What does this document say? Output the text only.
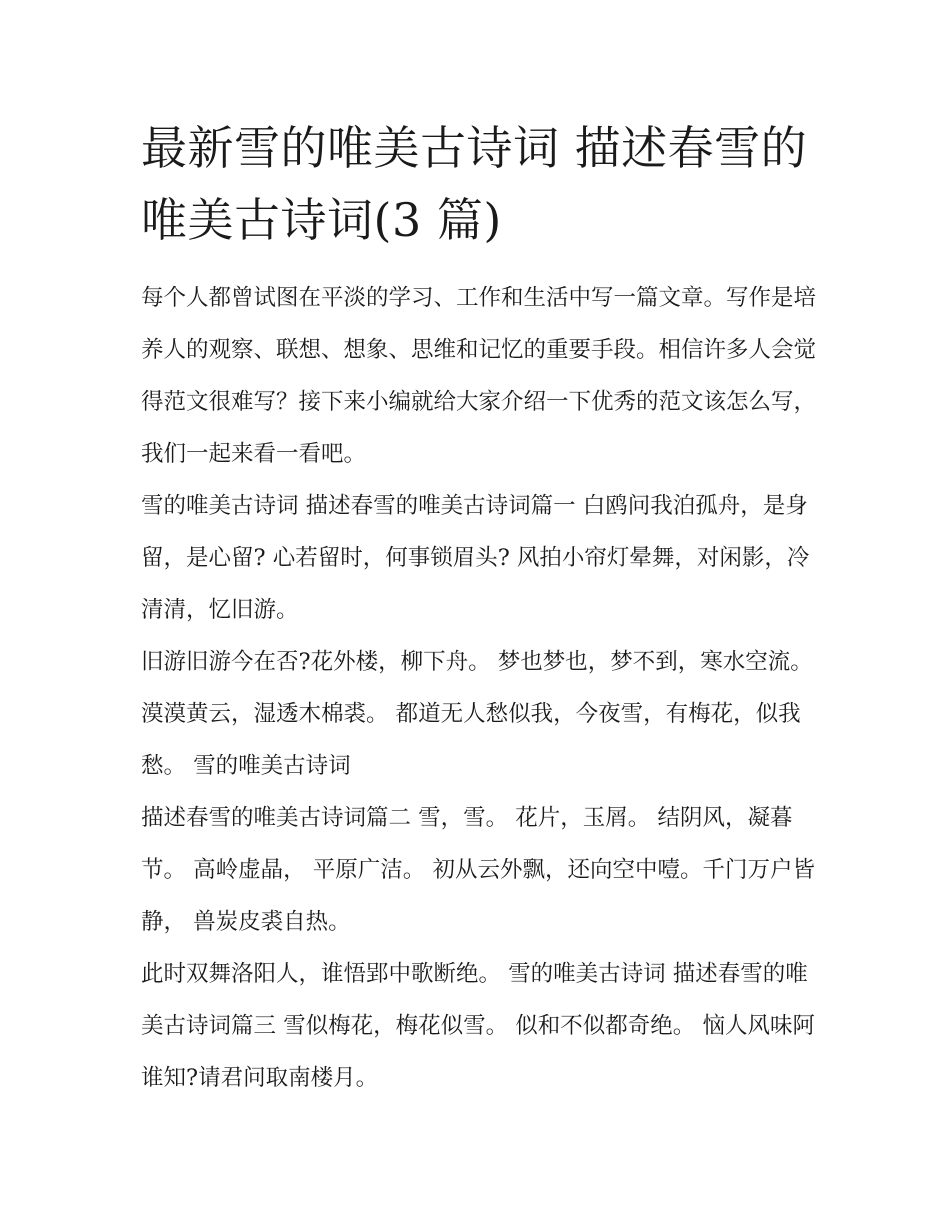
最新雪的唯美古诗词 描述春雪的唯美古诗词(3 篇)

每个人都曾试图在平淡的学习、工作和生活中写一篇文章。写作是培养人的观察、联想、想象、思维和记忆的重要手段。相信许多人会觉得范文很难写？接下来小编就给大家介绍一下优秀的范文该怎么写，我们一起来看一看吧。

雪的唯美古诗词 描述春雪的唯美古诗词篇一 白鸥问我泊孤舟，是身留，是心留? 心若留时，何事锁眉头? 风拍小帘灯晕舞，对闲影，冷清清，忆旧游。

旧游旧游今在否?花外楼，柳下舟。 梦也梦也，梦不到，寒水空流。 漠漠黄云，湿透木棉裘。 都道无人愁似我，今夜雪，有梅花，似我愁。 雪的唯美古诗词

描述春雪的唯美古诗词篇二 雪，雪。 花片，玉屑。 结阴风，凝暮节。 高岭虚晶， 平原广洁。 初从云外飘，还向空中噎。千门万户皆静， 兽炭皮裘自热。

此时双舞洛阳人，谁悟郢中歌断绝。 雪的唯美古诗词 描述春雪的唯美古诗词篇三 雪似梅花，梅花似雪。 似和不似都奇绝。 恼人风味阿谁知?请君问取南楼月。
